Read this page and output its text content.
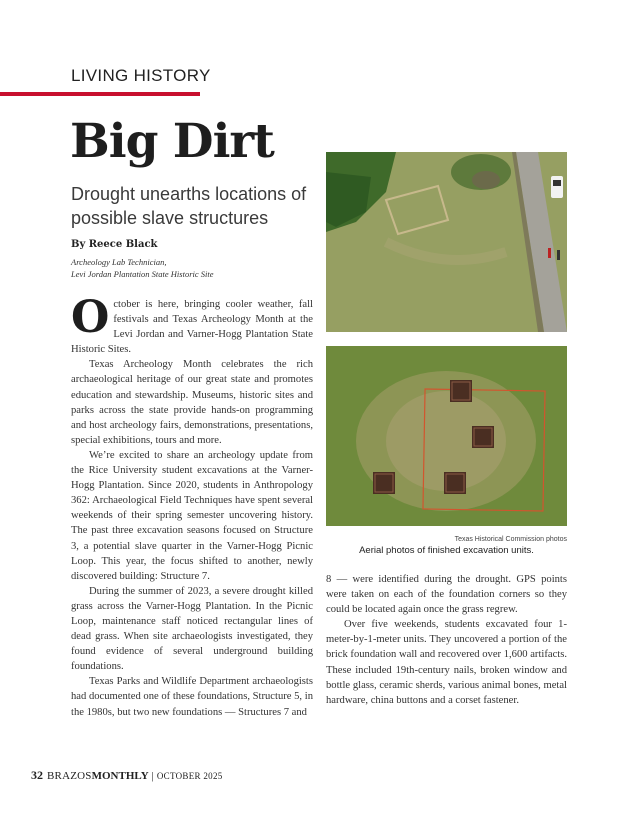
LIVING HISTORY
Big Dirt
Drought unearths locations of possible slave structures
By Reece Black
Archeology Lab Technician,
Levi Jordan Plantation State Historic Site

October is here, bringing cooler weather, fall festivals and Texas Archeology Month at the Levi Jordan and Varner-Hogg Plantation State Historic Sites.

Texas Archeology Month celebrates the rich archaeological heritage of our great state and promotes education and stewardship. Museums, historic sites and parks across the state provide hands-on programming and host archeology fairs, demonstrations, presentations, special exhibitions, tours and more.

We’re excited to share an archeology update from the Rice University student excavations at the Varner-Hogg Plantation. Since 2020, students in Anthropology 362: Archaeological Field Techniques have spent several weekends of their spring semester uncovering history. The past three excavation seasons focused on Structure 3, a potential slave quarter in the Varner-Hogg Picnic Loop. This year, the focus shifted to another, newly discovered building: Structure 7.

During the summer of 2023, a severe drought killed grass across the Varner-Hogg Plantation. In the Picnic Loop, maintenance staff noticed rectangular lines of dead grass. When site archaeologists investigated, they found evidence of several underground building foundations.

Texas Parks and Wildlife Department archaeologists had documented one of these foundations, Structure 5, in the 1980s, but two new foundations — Structures 7 and

Texas Historical Commission photos
Aerial photos of finished excavation units.

8 — were identified during the drought. GPS points were taken on each of the foundation corners so they could be located again once the grass regrew.

Over five weekends, students excavated four 1-meter-by-1-meter units. They uncovered a portion of the brick foundation wall and recovered over 1,600 artifacts. These included 19th-century nails, broken window and bottle glass, ceramic sherds, various animal bones, metal hardware, china buttons and a corset fastener.

32 BRAZOSMONTHLY | OCTOBER 2025
